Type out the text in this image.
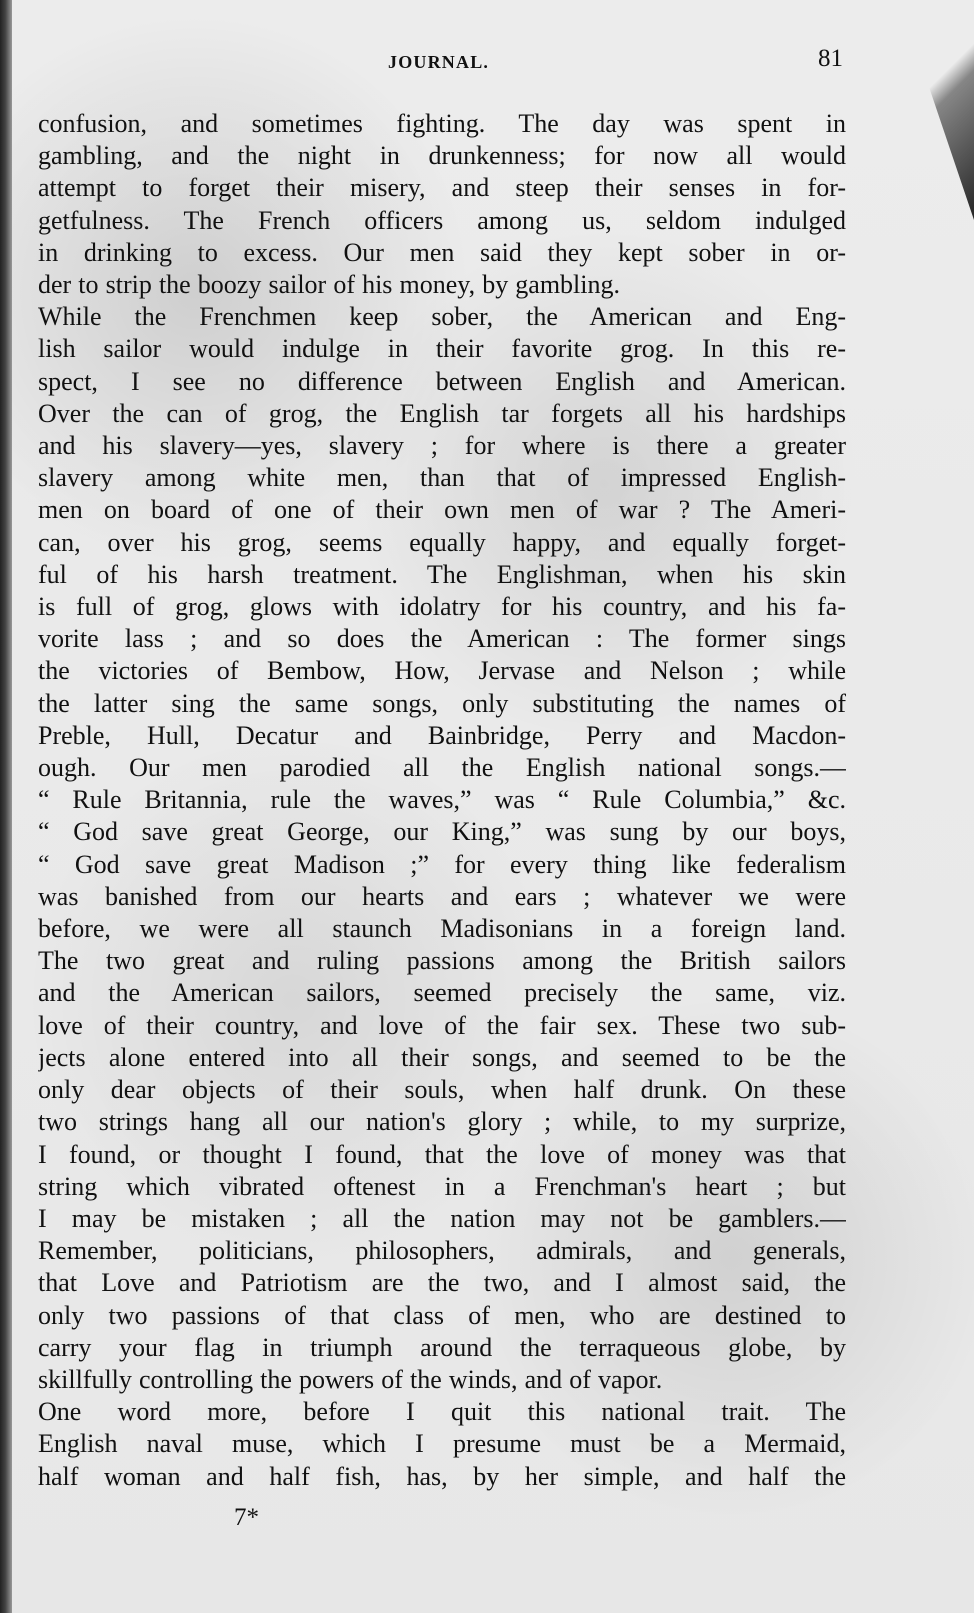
JOURNAL.	81
confusion, and sometimes fighting. The day was spent in
gambling, and the night in drunkenness; for now all would
attempt to forget their misery, and steep their senses in for-
getfulness. The French officers among us, seldom indulged
in drinking to excess. Our men said they kept sober in or-
der to strip the boozy sailor of his money, by gambling.
While the Frenchmen keep sober, the American and Eng-
lish sailor would indulge in their favorite grog. In this re-
spect, I see no difference between English and American.
Over the can of grog, the English tar forgets all his hardships
and his slavery—yes, slavery ; for where is there a greater
slavery among white men, than that of impressed English-
men on board of one of their own men of war ? The Ameri-
can, over his grog, seems equally happy, and equally forget-
ful of his harsh treatment. The Englishman, when his skin
is full of grog, glows with idolatry for his country, and his fa-
vorite lass ; and so does the American : The former sings
the victories of Bembow, How, Jervase and Nelson ; while
the latter sing the same songs, only substituting the names of
Preble, Hull, Decatur and Bainbridge, Perry and Macdon-
ough. Our men parodied all the English national songs.—
“ Rule Britannia, rule the waves,” was “ Rule Columbia,” &c.
“ God save great George, our King,” was sung by our boys,
“ God save great Madison ;” for every thing like federalism
was banished from our hearts and ears ; whatever we were
before, we were all staunch Madisonians in a foreign land.
The two great and ruling passions among the British sailors
and the American sailors, seemed precisely the same, viz.
love of their country, and love of the fair sex. These two sub-
jects alone entered into all their songs, and seemed to be the
only dear objects of their souls, when half drunk. On these
two strings hang all our nation's glory ; while, to my surprize,
I found, or thought I found, that the love of money was that
string which vibrated oftenest in a Frenchman's heart ; but
I may be mistaken ; all the nation may not be gamblers.—
Remember, politicians, philosophers, admirals, and generals,
that Love and Patriotism are the two, and I almost said, the
only two passions of that class of men, who are destined to
carry your flag in triumph around the terraqueous globe, by
skillfully controlling the powers of the winds, and of vapor.
One word more, before I quit this national trait. The
English naval muse, which I presume must be a Mermaid,
half woman and half fish, has, by her simple, and half the
7*
